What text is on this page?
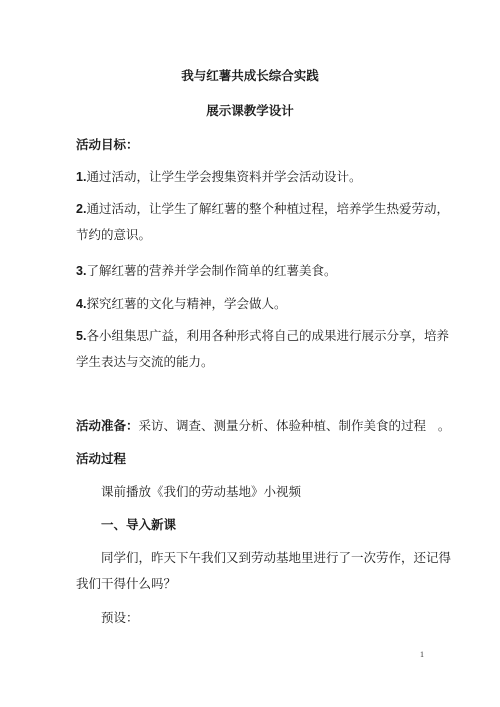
我与红薯共成长综合实践
展示课教学设计
活动目标：
1.通过活动，让学生学会搜集资料并学会活动设计。
2.通过活动，让学生了解红薯的整个种植过程，培养学生热爱劳动，
节约的意识。
3.了解红薯的营养并学会制作简单的红薯美食。
4.探究红薯的文化与精神，学会做人。
5.各小组集思广益，利用各种形式将自己的成果进行展示分享，培养
学生表达与交流的能力。
活动准备：采访、调查、测量分析、体验种植、制作美食的过程   。
活动过程
课前播放《我们的劳动基地》小视频
一、导入新课
同学们，昨天下午我们又到劳动基地里进行了一次劳作，还记得
我们干得什么吗？
预设：
1
